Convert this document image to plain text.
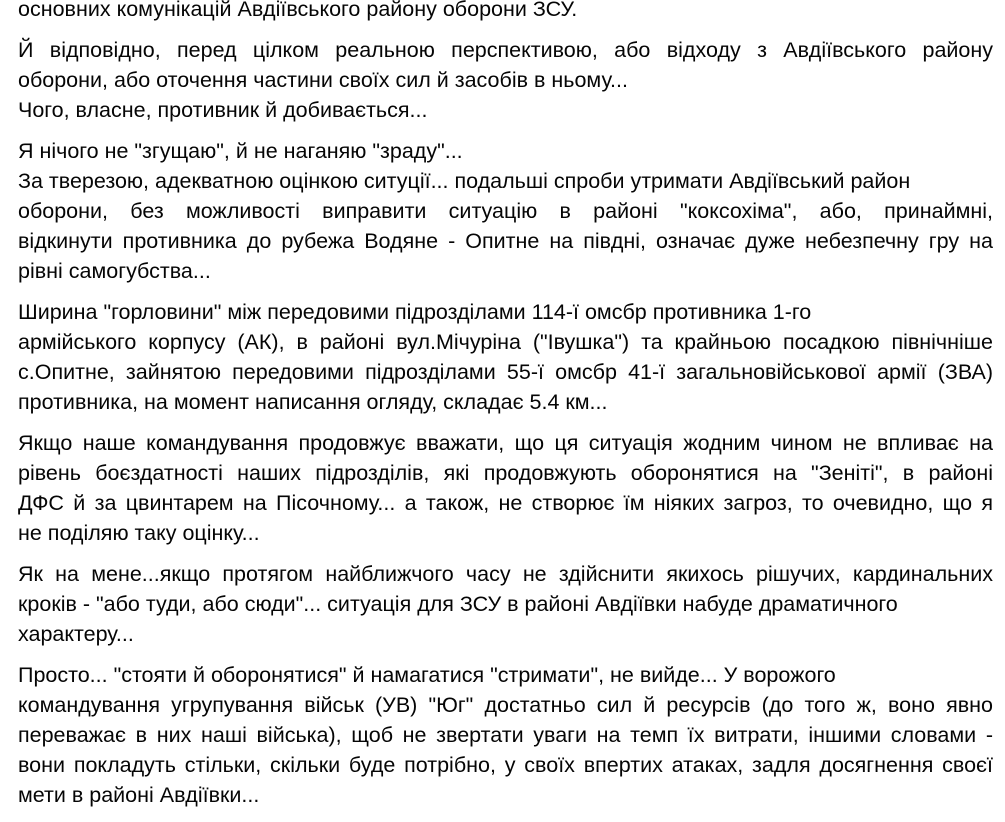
основних комунікацій Авдіївського району оборони ЗСУ.
Й відповідно, перед цілком реальною перспективою, або відходу з Авдіївського району
оборони, або оточення частини своїх сил й засобів в ньому...
Чого, власне, противник й добивається...
Я нічого не "згущаю", й не наганяю "зраду"...
За тверезою, адекватною оцінкою ситуції... подальші спроби утримати Авдіївський район
оборони, без можливості виправити ситуацію в районі "коксохіма", або, принаймні,
відкинути противника до рубежа Водяне - Опитне на півдні, означає дуже небезпечну гру на
рівні самогубства...
Ширина "горловини" між передовими підрозділами 114-ї омсбр противника 1-го
армійського корпусу (АК), в районі вул.Мічуріна ("Івушка") та крайньою посадкою північніше
с.Опитне, зайнятою передовими підрозділами 55-ї омсбр 41-ї загальновійськової армії (ЗВА)
противника, на момент написання огляду, складає 5.4 км...
Якщо наше командування продовжує вважати, що ця ситуація жодним чином не впливає на
рівень боєздатності наших підрозділів, які продовжують оборонятися на "Зеніті", в районі
ДФС й за цвинтарем на Пісочному... а також, не створює їм ніяких загроз, то очевидно, що я
не поділяю таку оцінку...
Як на мене...якщо протягом найближчого часу не здійснити якихось рішучих, кардинальних
кроків - "або туди, або сюди"... ситуація для ЗСУ в районі Авдіївки набуде драматичного
характеру...
Просто... "стояти й оборонятися" й намагатися "стримати", не вийде... У ворожого
командування угрупування військ (УВ) "Юг" достатньо сил й ресурсів (до того ж, воно явно
переважає в них наші війська), щоб не звертати уваги на темп їх витрати, іншими словами -
вони покладуть стільки, скільки буде потрібно, у своїх впертих атаках, задля досягнення своєї
мети в районі Авдіївки...
